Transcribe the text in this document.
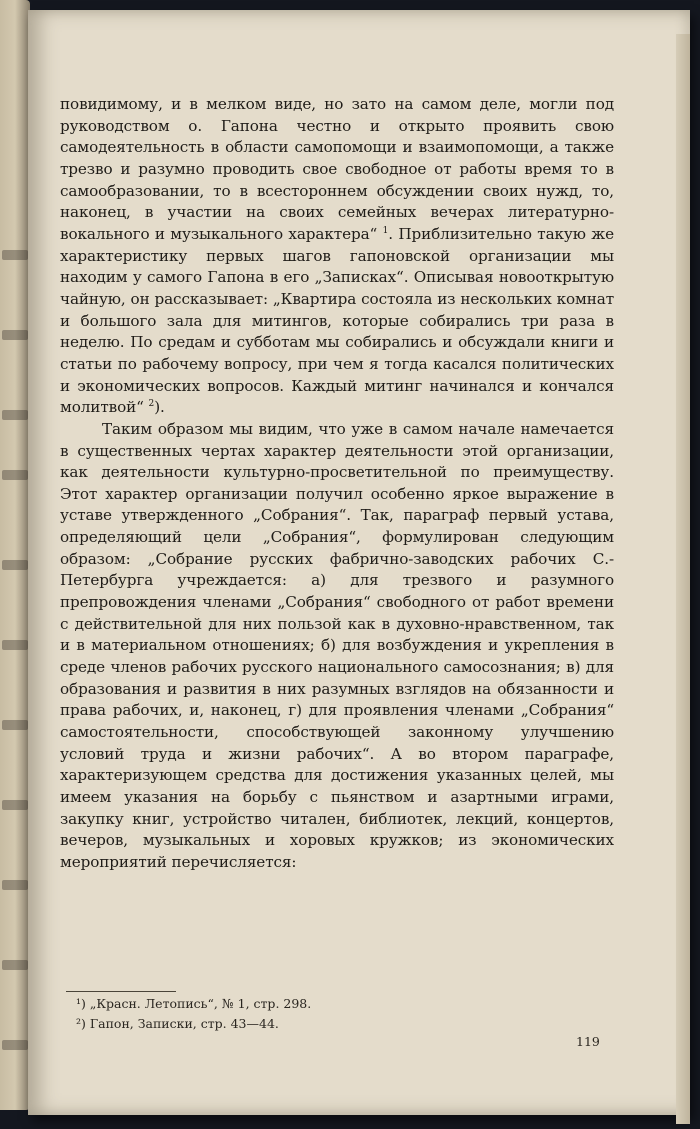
повидимому, и в мелком виде, но зато на самом деле, могли под руководством о. Гапона честно и открыто проявить свою самодеятельность в области самопомощи и взаимопомощи, а также трезво и разумно проводить свое свободное от работы время то в самообразовании, то в всестороннем обсуждении своих нужд, то, наконец, в участии на своих семейных вечерах литературно-вокального и музыкального характера“ $^1$. Приблизительно такую же характеристику первых шагов гапоновской организации мы находим у самого Гапона в его „Записках“. Описывая новооткрытую чайную, он рассказывает: „Квартира состояла из нескольких комнат и большого зала для митингов, которые собирались три раза в неделю. По средам и субботам мы собирались и обсуждали книги и статьи по рабочему вопросу, при чем я тогда касался политических и экономических вопросов. Каждый митинг начинался и кончался молитвой“ $^2$).

Таким образом мы видим, что уже в самом начале намечается в существенных чертах характер деятельности этой организации, как деятельности культурно-просветительной по преимуществу. Этот характер организации получил особенно яркое выражение в уставе утвержденного „Собрания“. Так, параграф первый устава, определяющий цели „Собрания“, формулирован следующим образом: „Собрание русских фабрично-заводских рабочих С.-Петербурга учреждается: а) для трезвого и разумного препровождения членами „Собрания“ свободного от работ времени с действительной для них пользой как в духовно-нравственном, так и в материальном отношениях; б) для возбуждения и укрепления в среде членов рабочих русского национального самосознания; в) для образования и развития в них разумных взглядов на обязанности и права рабочих, и, наконец, г) для проявления членами „Собрания“ самостоятельности, способствующей законному улучшению условий труда и жизни рабочих“. А во втором параграфе, характеризующем средства для достижения указанных целей, мы имеем указания на борьбу с пьянством и азартными играми, закупку книг, устройство читален, библиотек, лекций, концертов, вечеров, музыкальных и хоровых кружков; из экономических мероприятий перечисляется:

¹) „Красн. Летопись“, № 1, стр. 298.
²) Гапон, Записки, стр. 43—44.
119
